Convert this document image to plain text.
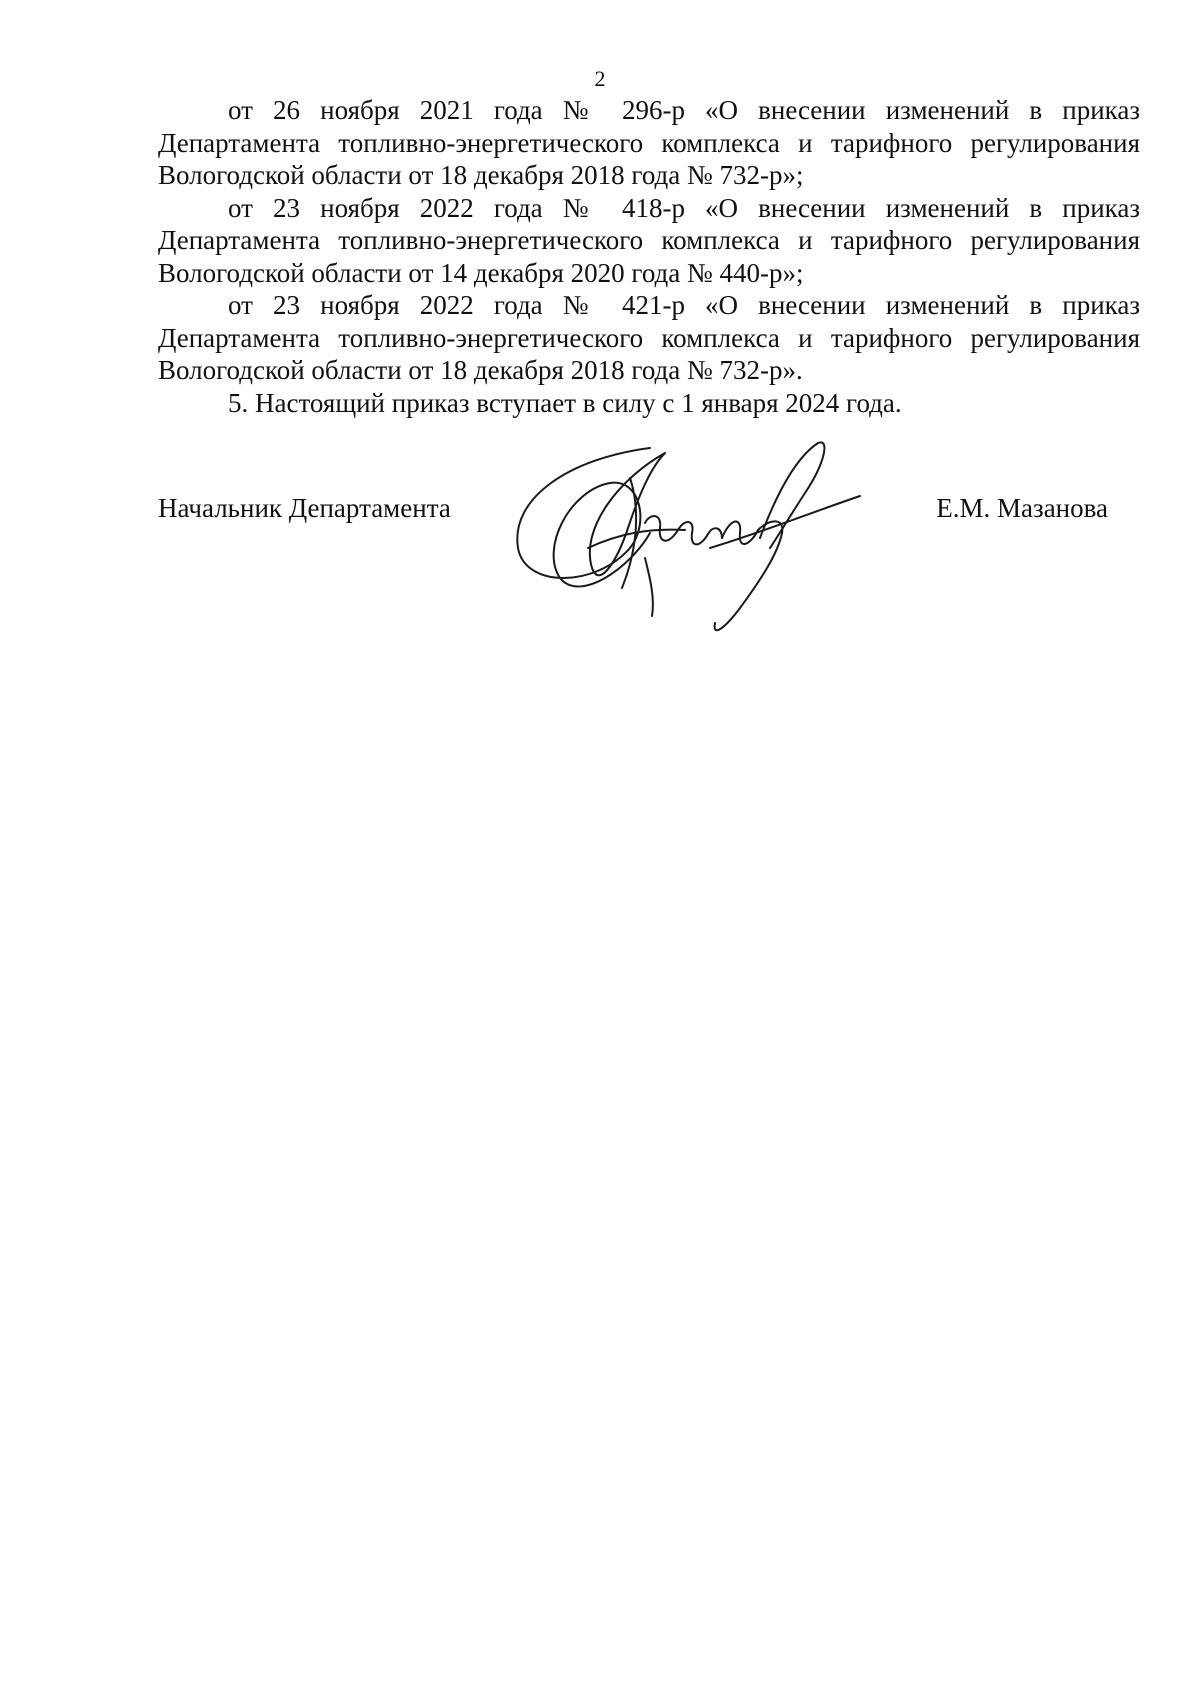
2

от 26 ноября 2021 года № 296-р «О внесении изменений в приказ Департамента топливно-энергетического комплекса и тарифного регулирования Вологодской области от 18 декабря 2018 года № 732-р»;

от 23 ноября 2022 года № 418-р «О внесении изменений в приказ Департамента топливно-энергетического комплекса и тарифного регулирования Вологодской области от 14 декабря 2020 года № 440-р»;

от 23 ноября 2022 года № 421-р «О внесении изменений в приказ Департамента топливно-энергетического комплекса и тарифного регулирования Вологодской области от 18 декабря 2018 года № 732-р».

5. Настоящий приказ вступает в силу с 1 января 2024 года.

Начальник Департамента	Е.М. Мазанова
